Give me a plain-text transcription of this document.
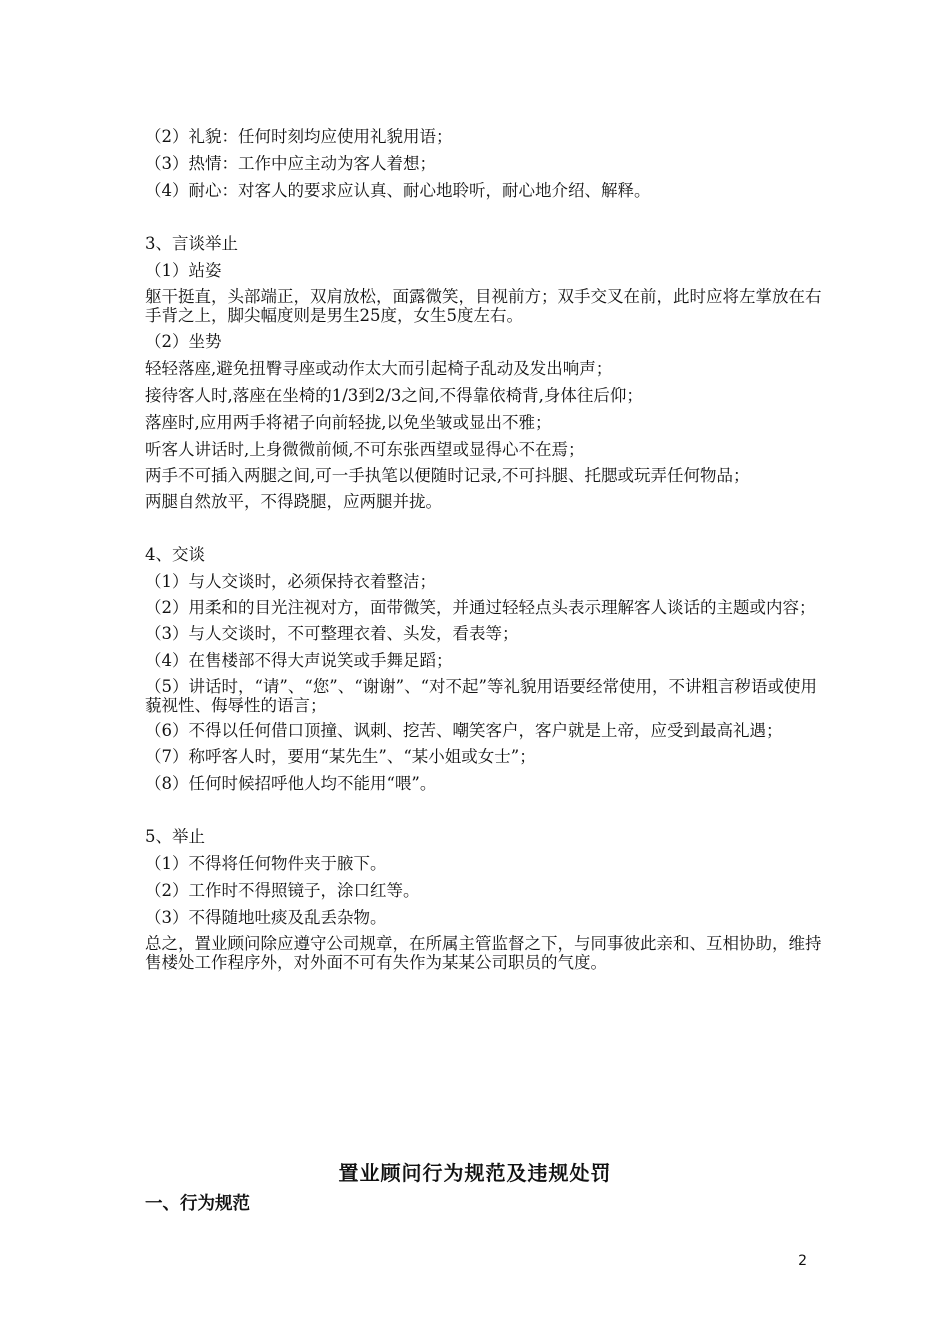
（2）礼貌：任何时刻均应使用礼貌用语；

（3）热情：工作中应主动为客人着想；

（4）耐心：对客人的要求应认真、耐心地聆听，耐心地介绍、解释。

3、言谈举止

（1）站姿

躯干挺直，头部端正，双肩放松，面露微笑，目视前方；双手交叉在前，此时应将左掌放在右手背之上，脚尖幅度则是男生25度，女生5度左右。

（2）坐势

轻轻落座,避免扭臀寻座或动作太大而引起椅子乱动及发出响声；

接待客人时,落座在坐椅的1/3到2/3之间,不得靠依椅背,身体往后仰；

落座时,应用两手将裙子向前轻拢,以免坐皱或显出不雅；

听客人讲话时,上身微微前倾,不可东张西望或显得心不在焉；

两手不可插入两腿之间,可一手执笔以便随时记录,不可抖腿、托腮或玩弄任何物品；

两腿自然放平，不得跷腿，应两腿并拢。

4、交谈

（1）与人交谈时，必须保持衣着整洁；

（2）用柔和的目光注视对方，面带微笑，并通过轻轻点头表示理解客人谈话的主题或内容；

（3）与人交谈时，不可整理衣着、头发，看表等；

（4）在售楼部不得大声说笑或手舞足蹈；

（5）讲话时，“请”、“您”、“谢谢”、“对不起”等礼貌用语要经常使用，不讲粗言秽语或使用藐视性、侮辱性的语言；

（6）不得以任何借口顶撞、讽刺、挖苦、嘲笑客户，客户就是上帝，应受到最高礼遇；

（7）称呼客人时，要用“某先生”、“某小姐或女士”；

（8）任何时候招呼他人均不能用“喂”。

5、举止

（1）不得将任何物件夹于腋下。

（2）工作时不得照镜子，涂口红等。

（3）不得随地吐痰及乱丢杂物。

总之，置业顾问除应遵守公司规章，在所属主管监督之下，与同事彼此亲和、互相协助，维持售楼处工作程序外，对外面不可有失作为某某公司职员的气度。

置业顾问行为规范及违规处罚
一、行为规范
2
